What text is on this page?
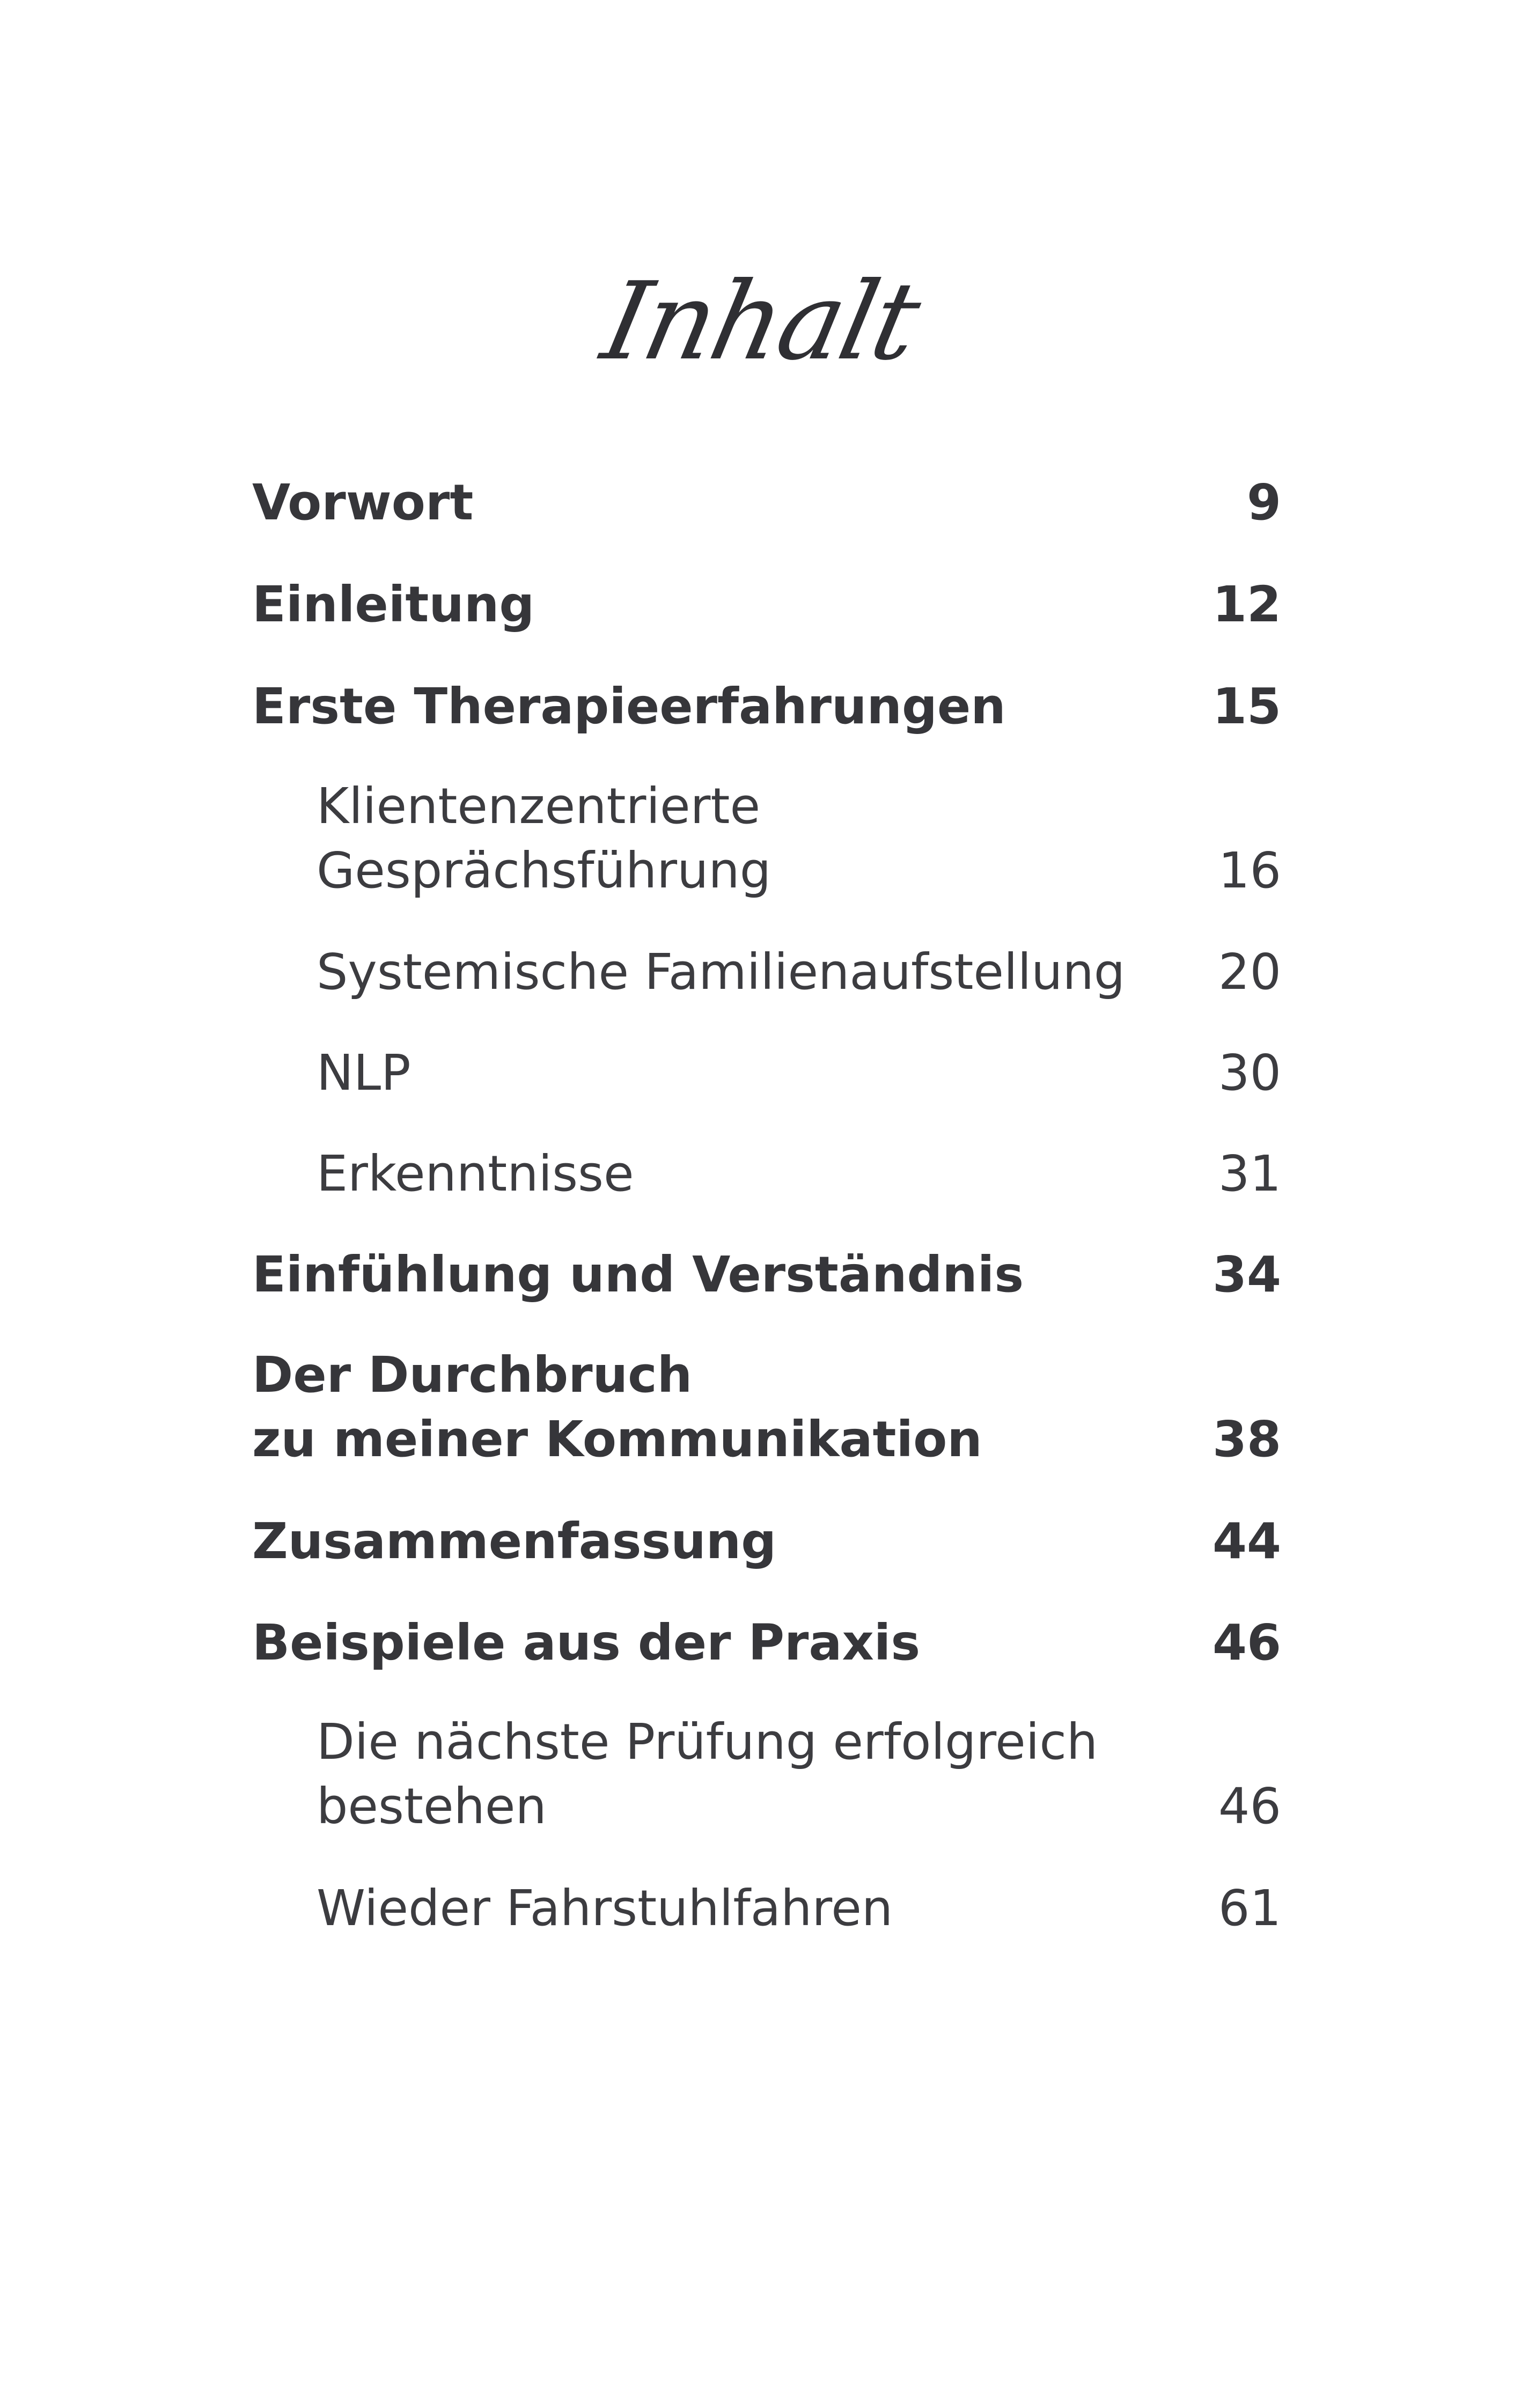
Inhalt
Vorwort	9
Einleitung	12
Erste Therapieerfahrungen	15
Klientenzentrierte
Gesprächsführung	16
Systemische Familienaufstellung 20
NLP	30
Erkenntnisse	31
Einfühlung und Verständnis	34
Der Durchbruch
zu meiner Kommunikation	38
Zusammenfassung	44
Beispiele aus der Praxis	46
Die nächste Prüfung erfolgreich
bestehen	46
Wieder Fahrstuhlfahren	61
